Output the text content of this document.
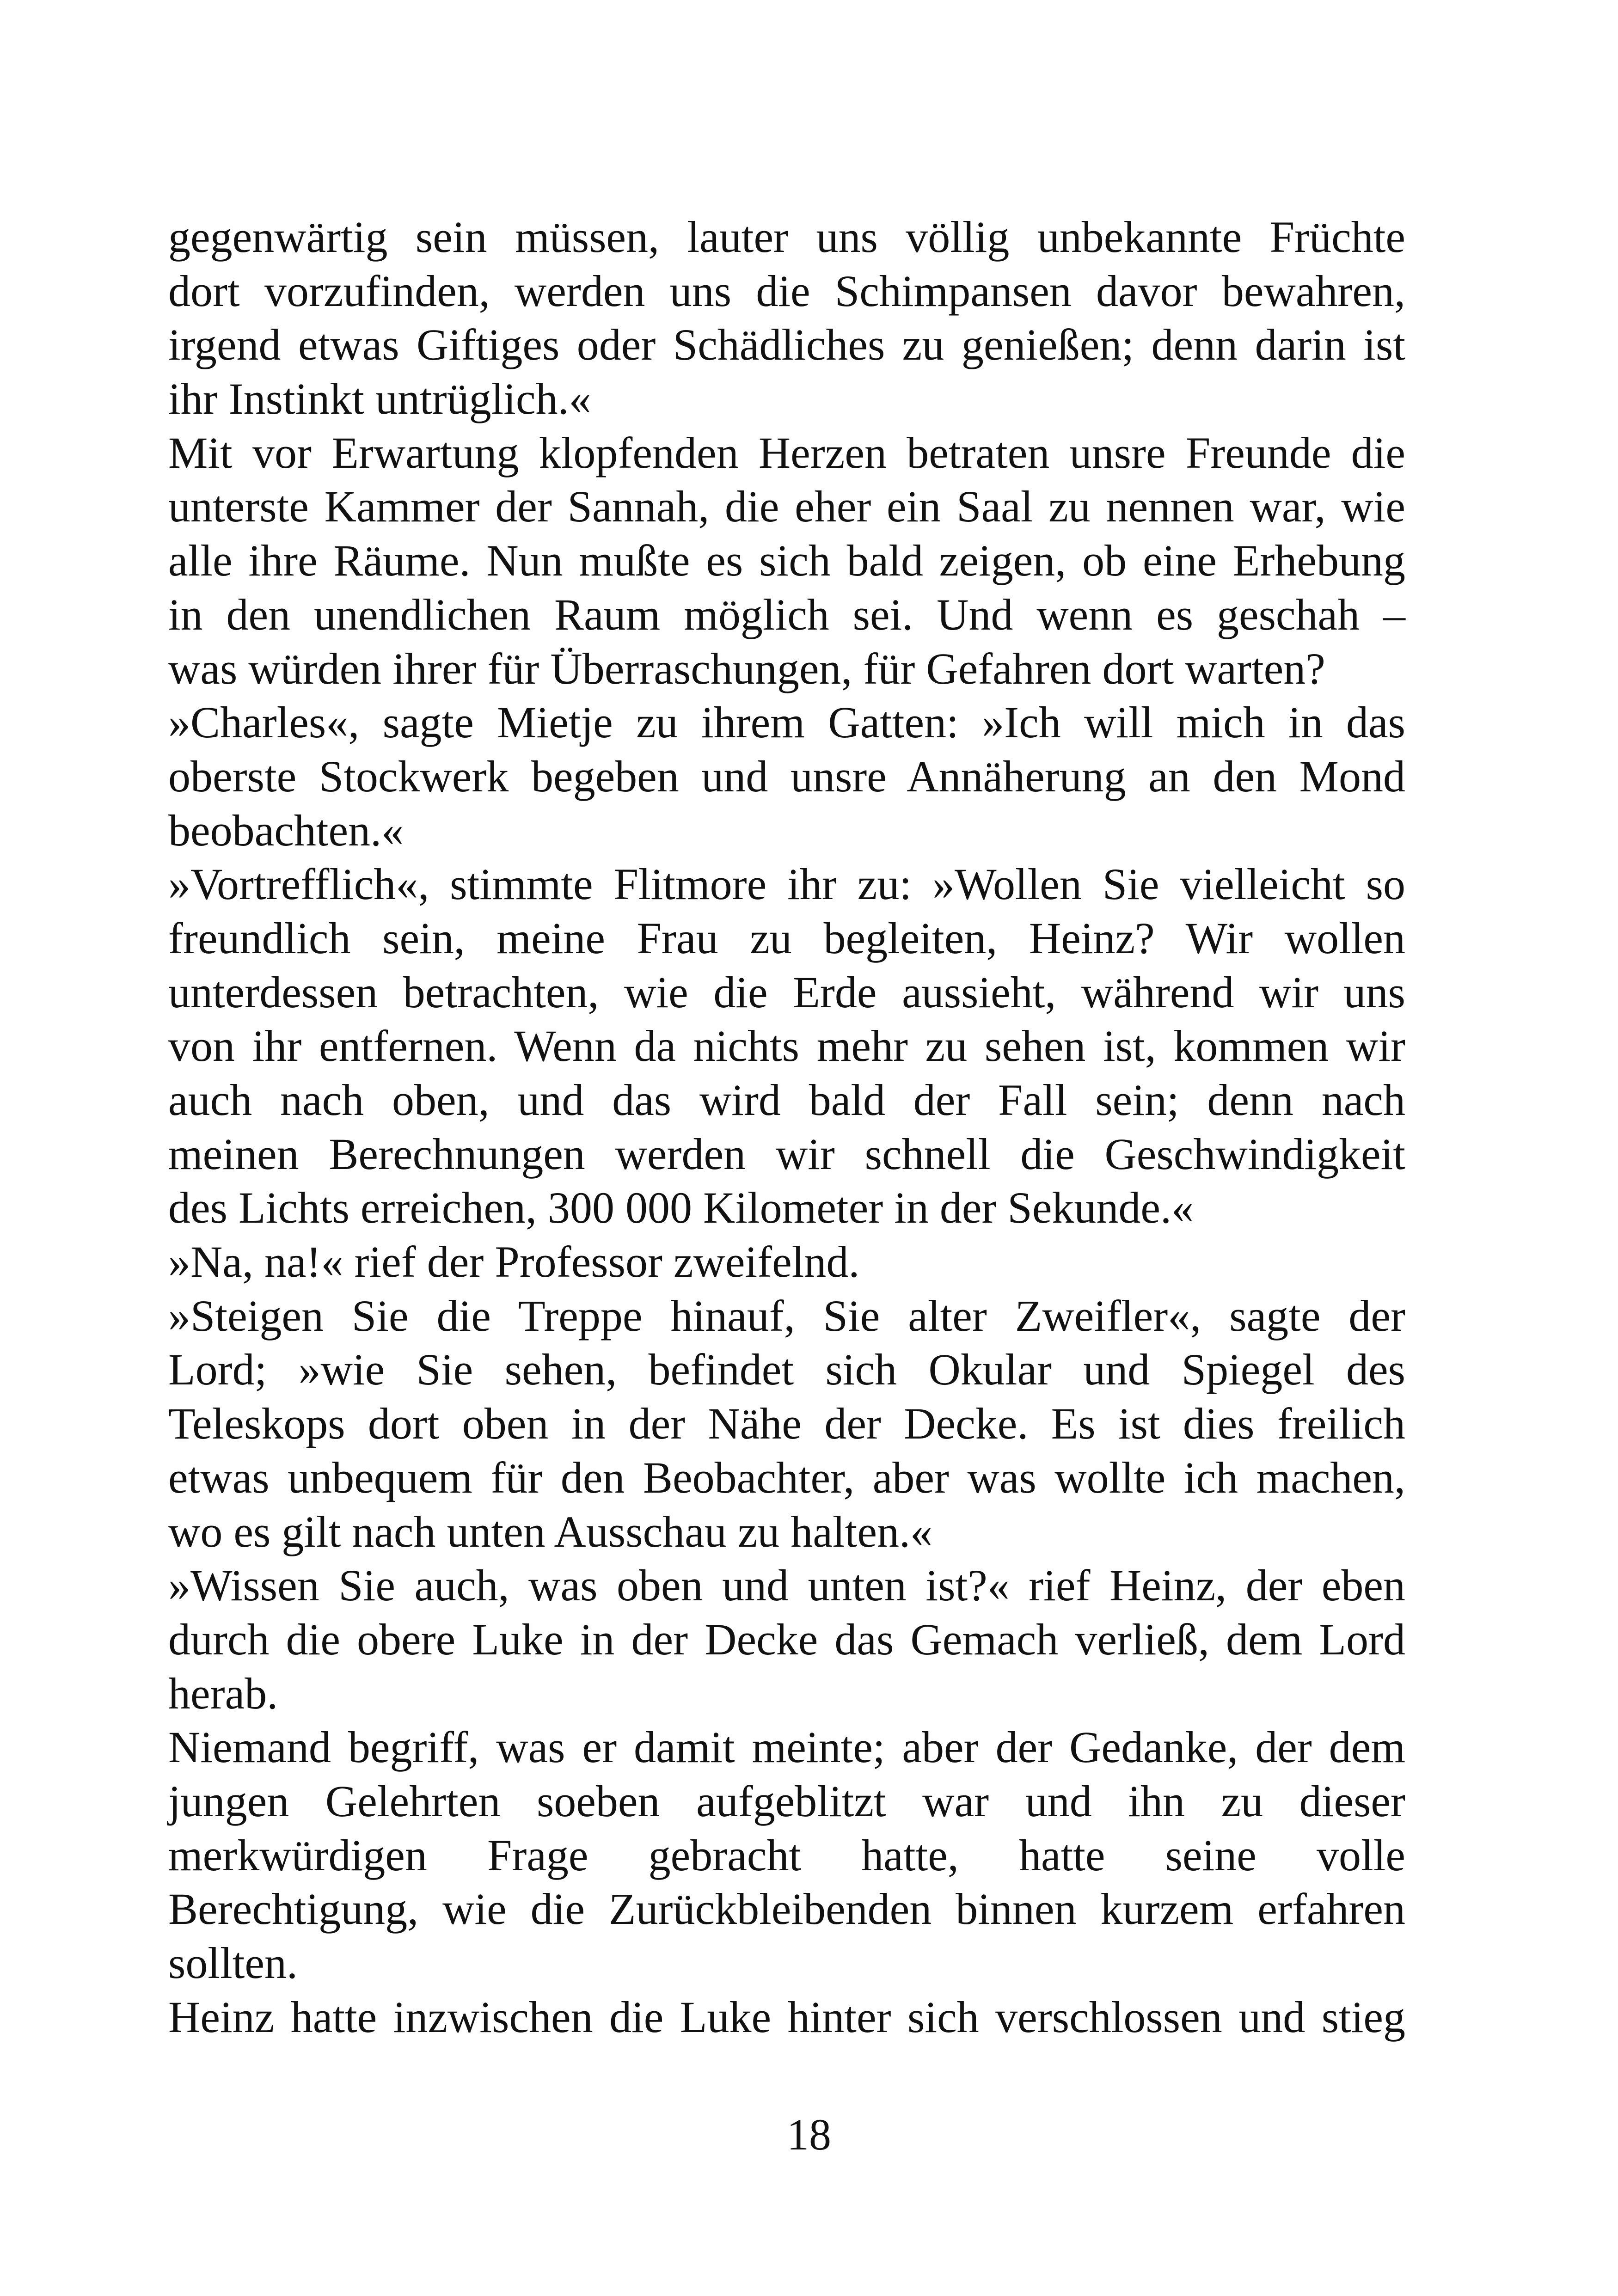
gegenwärtig sein müssen, lauter uns völlig unbekannte Früchte
dort vorzufinden, werden uns die Schimpansen davor bewahren,
irgend etwas Giftiges oder Schädliches zu genießen; denn darin ist
ihr Instinkt untrüglich.«
Mit vor Erwartung klopfenden Herzen betraten unsre Freunde die
unterste Kammer der Sannah, die eher ein Saal zu nennen war, wie
alle ihre Räume. Nun mußte es sich bald zeigen, ob eine Erhebung
in den unendlichen Raum möglich sei. Und wenn es geschah –
was würden ihrer für Überraschungen, für Gefahren dort warten?
»Charles«, sagte Mietje zu ihrem Gatten: »Ich will mich in das
oberste Stockwerk begeben und unsre Annäherung an den Mond
beobachten.«
»Vortrefflich«, stimmte Flitmore ihr zu: »Wollen Sie vielleicht so
freundlich sein, meine Frau zu begleiten, Heinz? Wir wollen
unterdessen betrachten, wie die Erde aussieht, während wir uns
von ihr entfernen. Wenn da nichts mehr zu sehen ist, kommen wir
auch nach oben, und das wird bald der Fall sein; denn nach
meinen Berechnungen werden wir schnell die Geschwindigkeit
des Lichts erreichen, 300 000 Kilometer in der Sekunde.«
»Na, na!« rief der Professor zweifelnd.
»Steigen Sie die Treppe hinauf, Sie alter Zweifler«, sagte der
Lord; »wie Sie sehen, befindet sich Okular und Spiegel des
Teleskops dort oben in der Nähe der Decke. Es ist dies freilich
etwas unbequem für den Beobachter, aber was wollte ich machen,
wo es gilt nach unten Ausschau zu halten.«
»Wissen Sie auch, was oben und unten ist?« rief Heinz, der eben
durch die obere Luke in der Decke das Gemach verließ, dem Lord
herab.
Niemand begriff, was er damit meinte; aber der Gedanke, der dem
jungen Gelehrten soeben aufgeblitzt war und ihn zu dieser
merkwürdigen Frage gebracht hatte, hatte seine volle
Berechtigung, wie die Zurückbleibenden binnen kurzem erfahren
sollten.
Heinz hatte inzwischen die Luke hinter sich verschlossen und stieg
18
